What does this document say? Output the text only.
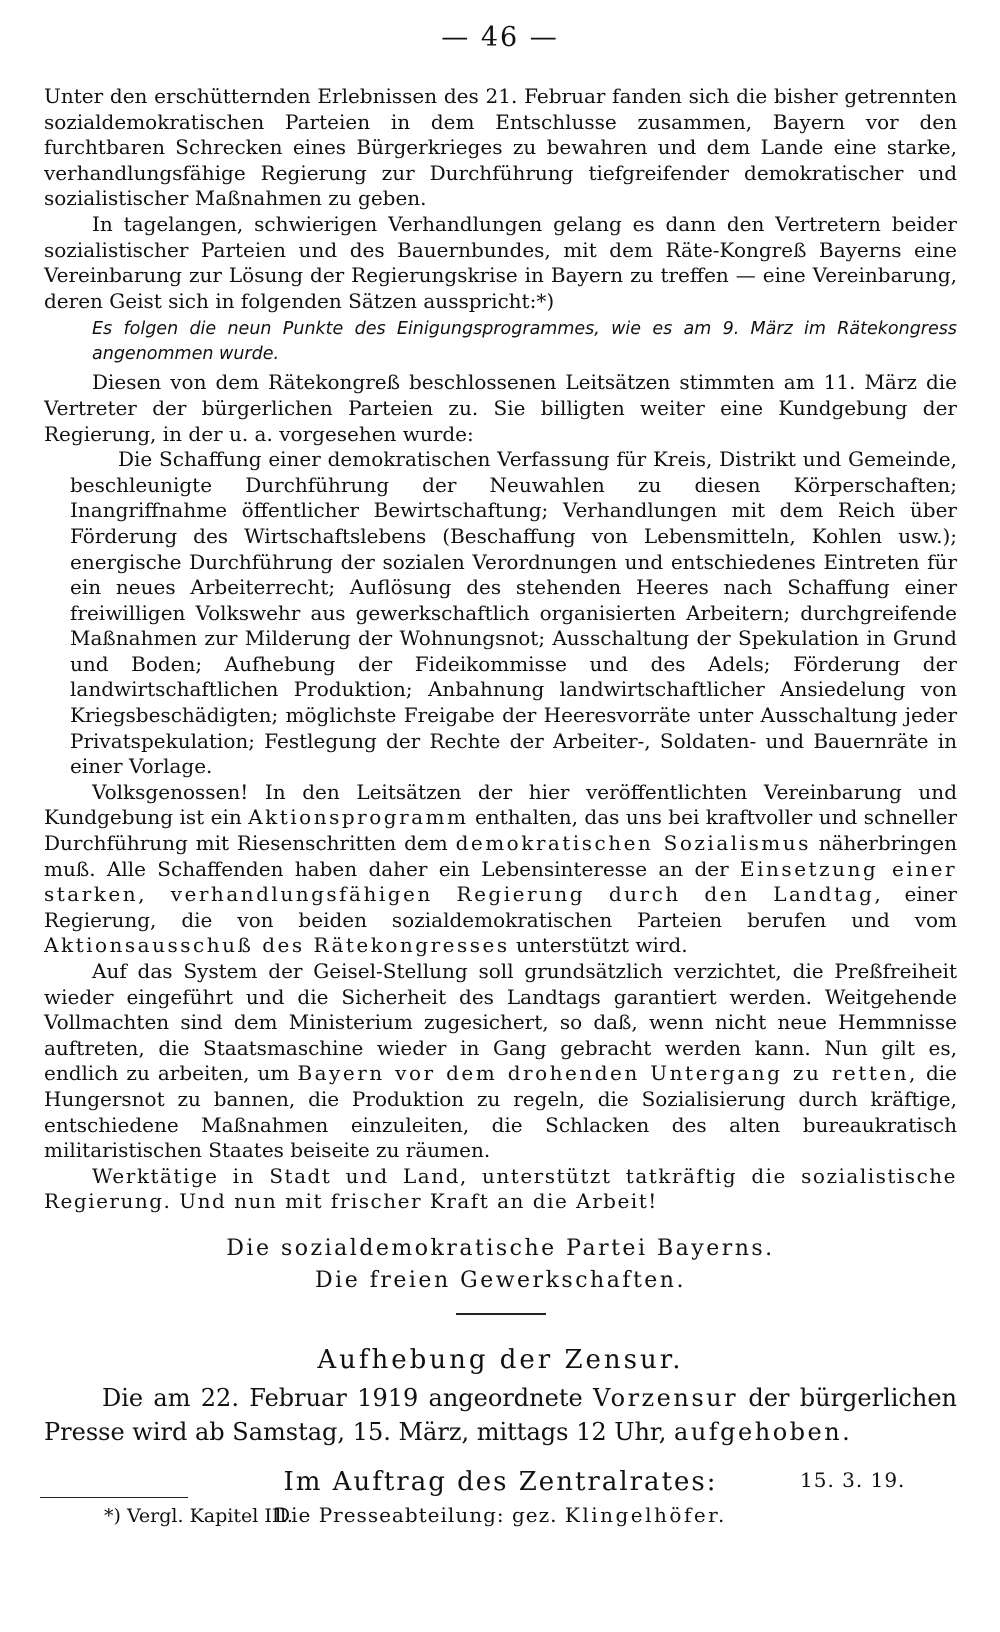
— 46 —

Unter den erschütternden Erlebnissen des 21. Februar fanden sich die bisher getrennten sozialdemokratischen Parteien in dem Entschlusse zusammen, Bayern vor den furchtbaren Schrecken eines Bürgerkrieges zu bewahren und dem Lande eine starke, verhandlungsfähige Regierung zur Durchführung tiefgreifender demokratischer und sozialistischer Maßnahmen zu geben.

In tagelangen, schwierigen Verhandlungen gelang es dann den Vertretern beider sozialistischer Parteien und des Bauernbundes, mit dem Räte-Kongreß Bayerns eine Vereinbarung zur Lösung der Regierungskrise in Bayern zu treffen — eine Vereinbarung, deren Geist sich in folgenden Sätzen ausspricht:*)

Es folgen die neun Punkte des Einigungsprogrammes, wie es am 9. März im Rätekongress angenommen wurde.

Diesen von dem Rätekongreß beschlossenen Leitsätzen stimmten am 11. März die Vertreter der bürgerlichen Parteien zu. Sie billigten weiter eine Kundgebung der Regierung, in der u. a. vorgesehen wurde:

Die Schaffung einer demokratischen Verfassung für Kreis, Distrikt und Gemeinde, beschleunigte Durchführung der Neuwahlen zu diesen Körperschaften; Inangriffnahme öffentlicher Bewirtschaftung; Verhandlungen mit dem Reich über Förderung des Wirtschaftslebens (Beschaffung von Lebensmitteln, Kohlen usw.); energische Durchführung der sozialen Verordnungen und entschiedenes Eintreten für ein neues Arbeiterrecht; Auflösung des stehenden Heeres nach Schaffung einer freiwilligen Volkswehr aus gewerkschaftlich organisierten Arbeitern; durchgreifende Maßnahmen zur Milderung der Wohnungsnot; Ausschaltung der Spekulation in Grund und Boden; Aufhebung der Fideikommisse und des Adels; Förderung der landwirtschaftlichen Produktion; Anbahnung landwirtschaftlicher Ansiedelung von Kriegsbeschädigten; möglichste Freigabe der Heeresvorräte unter Ausschaltung jeder Privatspekulation; Festlegung der Rechte der Arbeiter-, Soldaten- und Bauernräte in einer Vorlage.

Volksgenossen! In den Leitsätzen der hier veröffentlichten Vereinbarung und Kundgebung ist ein Aktionsprogramm enthalten, das uns bei kraftvoller und schneller Durchführung mit Riesenschritten dem demokratischen Sozialismus näherbringen muß. Alle Schaffenden haben daher ein Lebensinteresse an der Einsetzung einer starken, verhandlungsfähigen Regierung durch den Landtag, einer Regierung, die von beiden sozialdemokratischen Parteien berufen und vom Aktionsausschuß des Rätekongresses unterstützt wird.

Auf das System der Geisel-Stellung soll grundsätzlich verzichtet, die Preßfreiheit wieder eingeführt und die Sicherheit des Landtags garantiert werden. Weitgehende Vollmachten sind dem Ministerium zugesichert, so daß, wenn nicht neue Hemmnisse auftreten, die Staatsmaschine wieder in Gang gebracht werden kann. Nun gilt es, endlich zu arbeiten, um Bayern vor dem drohenden Untergang zu retten, die Hungersnot zu bannen, die Produktion zu regeln, die Sozialisierung durch kräftige, entschiedene Maßnahmen einzuleiten, die Schlacken des alten bureaukratisch militaristischen Staates beiseite zu räumen.

Werktätige in Stadt und Land, unterstützt tatkräftig die sozialistische Regierung. Und nun mit frischer Kraft an die Arbeit!

Die sozialdemokratische Partei Bayerns.

Die freien Gewerkschaften.

Aufhebung der Zensur.

Die am 22. Februar 1919 angeordnete Vorzensur der bürgerlichen Presse wird ab Samstag, 15. März, mittags 12 Uhr, aufgehoben.

Im Auftrag des Zentralrates:

Die Presseabteilung: gez. Klingelhöfer.

15. 3. 19.
*) Vergl. Kapitel III.
